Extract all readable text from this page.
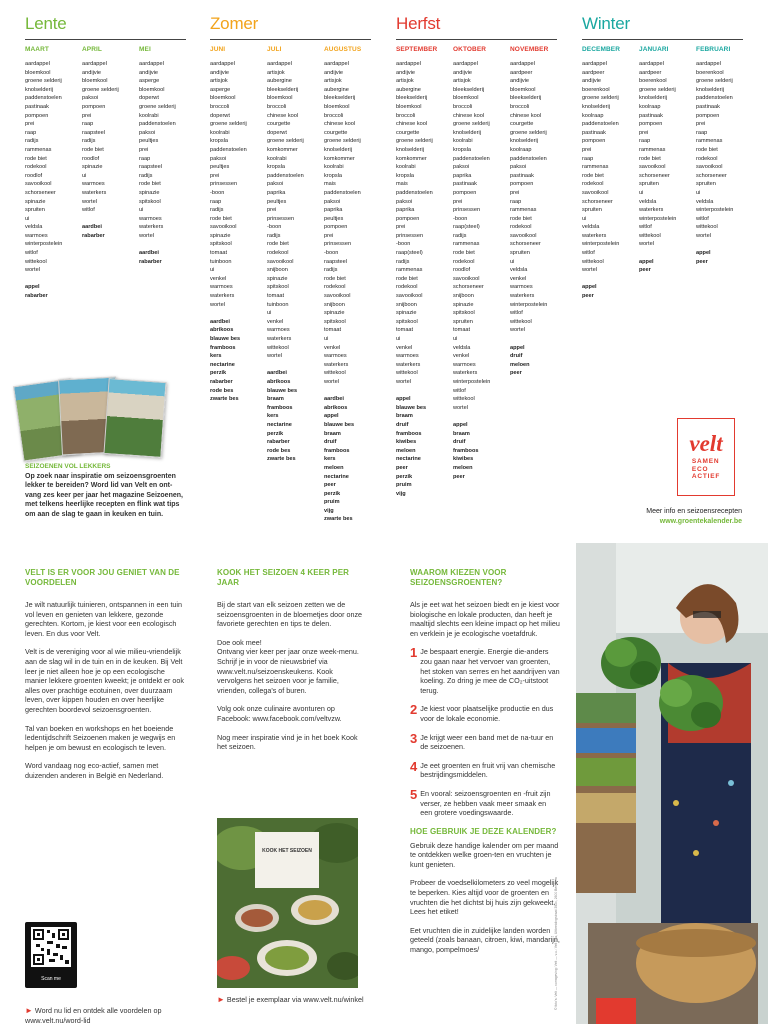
Lente
MAART
aardappel
bloemkool
groene selderij
knolselderij
paddenstoelen
pastinaak
pompoen
prei
raap
radijs
rammenas
rode biet
rodekool
roodlof
savooikool
schorseneer
spinazie
spruiten
ui
veldsla
warmoes
winterpostelein
witlof
wittekool
wortel
appel
rabarber
APRIL
aardappel
andijvie
bloemkool
groene selderij
paksoi
pompoen
prei
raap
raapsteel
radijs
rode biet
roodlof
spinazie
ui
warmoes
waterkers
wortel
witlof
aardbei
rabarber
MEI
aardappel
andijvie
asperge
bloemkool
doperwt
groene selderij
koolrabi
paddenstoelen
paksoi
peultjes
prei
raap
raapsteel
radijs
rode biet
spinazie
spitskool
ui
warmoes
waterkers
wortel
aardbei
rabarber
Zomer
JUNI
aardappel
andijvie
artisjok
asperge
bloemkool
broccoli
doperwt
groene selderij
koolrabi
kropsla
paddenstoelen
paksoi
peultjes
prei
prinsessen
-boon
raap
radijs
rode biet
savooikool
spinazie
spitskool
tomaat
tuinboon
ui
venkel
warmoes
waterkers
wortel
aardbei
abrikoos
blauwe bes
framboos
kers
nectarine
perzik
rabarber
rode bes
zwarte bes
JULI
aardappel
artisjok
aubergine
bleekselderij
bloemkool
broccoli
chinese kool
courgette
doperwt
groene selderij
komkommer
koolrabi
kropsla
paddenstoelen
paksoi
paprika
peultjes
prei
prinsessen
-boon
radijs
rode biet
rodekool
savooikool
snijboon
spinazie
spitskool
tomaat
tuinboon
ui
venkel
warmoes
waterkers
wittekool
wortel
aardbei
abrikoos
blauwe bes
braam
framboos
kers
nectarine
perzik
rabarber
rode bes
zwarte bes
AUGUSTUS
aardappel
andijvie
artisjok
aubergine
bleekselderij
bloemkool
broccoli
chinese kool
courgette
groene selderij
knolselderij
komkommer
koolrabi
kropsla
mais
paddenstoelen
paksoi
paprika
peultjes
pompoen
prei
prinsessen
-boon
raapsteel
radijs
rode biet
rodekool
savooikool
snijboon
spinazie
spitskool
tomaat
ui
venkel
warmoes
waterkers
wittekool
wortel
aardbei
abrikoos
appel
blauwe bes
braam
druif
framboos
kers
meloen
nectarine
peer
perzik
pruim
vijg
zwarte bes
Herfst
SEPTEMBER
aardappel
andijvie
artisjok
aubergine
bleekselderij
bloemkool
broccoli
chinese kool
courgette
groene selderij
knolselderij
komkommer
koolrabi
kropsla
mais
paddenstoelen
paksoi
paprika
pompoen
prei
prinsessen
-boon
raap(steel)
radijs
rammenas
rode biet
rodekool
savooikool
snijboon
spinazie
spitskool
tomaat
ui
venkel
warmoes
waterkers
wittekool
wortel
appel
blauwe bes
braam
druif
framboos
kiwibes
meloen
nectarine
peer
perzik
pruim
vijg
OKTOBER
aardappel
andijvie
artisjok
bleekselderij
bloemkool
broccoli
chinese kool
groene selderij
knolselderij
koolrabi
kropsla
paddenstoelen
paksoi
paprika
pastinaak
pompoen
prei
prinsessen
-boon
raap(steel)
radijs
rammenas
rode biet
rodekool
roodlof
savooikool
schorseneer
snijboon
spinazie
spitskool
spruiten
tomaat
ui
veldsla
venkel
warmoes
waterkers
winterpostelein
witlof
wittekool
wortel
appel
braam
druif
framboos
kiwibes
meloen
peer
NOVEMBER
aardappel
aardpeer
andijvie
bloemkool
bleekselderij
broccoli
chinese kool
courgette
groene selderij
knolselderij
koolraap
paddenstoelen
paksoi
pastinaak
pompoen
prei
raap
rammenas
rode biet
rodekool
savooikool
schorseneer
spruiten
ui
veldsla
venkel
warmoes
waterkers
winterpostelein
witlof
wittekool
wortel
appel
druif
meloen
peer
Winter
DECEMBER
aardappel
aardpeer
andijvie
boerenkool
groene selderij
knolselderij
koolraap
paddenstoelen
pastinaak
pompoen
prei
raap
rammenas
rode biet
rodekool
savooikool
schorseneer
spruiten
ui
veldsla
waterkers
winterpostelein
witlof
wittekool
wortel
appel
peer
JANUARI
aardappel
aardpeer
boerenkool
groene selderij
knolselderij
koolraap
pastinaak
pompoen
prei
raap
rammenas
rode biet
savooikool
schorseneer
spruiten
ui
veldsla
waterkers
winterpostelein
witlof
wittekool
wortel
appel
peer
FEBRUARI
aardappel
boerenkool
groene selderij
knolselderij
paddenstoelen
pastinaak
pompoen
prei
raap
rammenas
rode biet
rodekool
savooikool
schorseneer
spruiten
ui
veldsla
winterpostelein
witlof
wittekool
wortel
appel
peer
SEIZOENEN VOL LEKKERS
Op zoek naar inspiratie om seizoensgroenten lekker te bereiden? Word lid van Velt en ont-vang zes keer per jaar het magazine Seizoenen, met telkens heerlijke recepten en flink wat tips om aan de slag te gaan in keuken en tuin.
velt
SAMEN
ECO
ACTIEF
Meer info en seizoensrecepten
www.groentekalender.be
VELT IS ER VOOR JOU GENIET VAN DE VOORDELEN

Je wilt natuurlijk tuinieren, ontspannen in een tuin vol leven en genieten van lekkere, gezonde gerechten. Kortom, je kiest voor een ecologisch leven. En dus voor Velt.

Velt is de vereniging voor al wie milieu-vriendelijk aan de slag wil in de tuin en in de keuken. Bij Velt leer je niet alleen hoe je op een ecologische manier lekkere groenten kweekt; je ontdekt er ook alles over prachtige ecotuinen, over duurzaam leven, over kippen houden en over heerlijke gerechten boordevol seizoensgroenten.

Tal van boeken en workshops en het boeiende ledentijdschrift Seizoenen maken je wegwijs en helpen je om bewust en ecologisch te leven.

Word vandaag nog eco-actief, samen met duizenden anderen in België en Nederland.

Scan me
► Word nu lid en ontdek alle voordelen op www.velt.nu/word-lid
KOOK HET SEIZOEN 4 KEER PER JAAR

Bij de start van elk seizoen zetten we de seizoensgroenten in de bloemetjes door onze favoriete gerechten en tips te delen.

Doe ook mee!
Ontvang vier keer per jaar onze week-menu. Schrijf je in voor de nieuwsbrief via www.velt.nu/seizoenskeukens. Kook vervolgens het seizoen voor je familie, vrienden, collega's of buren.

Volg ook onze culinaire avonturen op Facebook: www.facebook.com/veltvzw.

Nog meer inspiratie vind je in het boek Kook het seizoen.

KOOK HET SEIZOEN
► Bestel je exemplaar via www.velt.nu/winkel
WAAROM KIEZEN VOOR SEIZOENSGROENTEN?

Als je eet wat het seizoen biedt en je kiest voor biologische en lokale producten, dan heeft je maaltijd slechts een kleine impact op het milieu en verklein je je ecologische voetafdruk.

1 Je bespaart energie. Energie die-anders zou gaan naar het vervoer van groenten, het stoken van serres en het aandrijven van koeling. Zo dring je mee de CO₂-uitstoot terug.
2 Je kiest voor plaatselijke productie en dus voor de lokale economie.
3 Je krijgt weer een band met de na-tuur en de seizoenen.
4 Je eet groenten en fruit vrij van chemische bestrijdingsmiddelen.
5 En vooral: seizoensgroenten en -fruit zijn verser, ze hebben vaak meer smaak en een grotere voedingswaarde.
HOE GEBRUIK JE DEZE KALENDER?

Gebruik deze handige kalender om per maand te ontdekken welke groen-ten en vruchten je kunt genieten.

Probeer de voedselkilometers zo veel mogelijk te beperken. Kies altijd voor de groenten en vruchten die het dichtst bij huis zijn gekweekt. Lees het etiket!

Eet vruchten die in zuidelijke landen worden geteeld (zoals banaan, citroen, kiwi, mandarijn, mango, pompelmoes/	© foto's: Velt — vormgeving: Velt — v.u.: Velt vzw, Uitbreidingstraat 392c, 2600 Berchem
